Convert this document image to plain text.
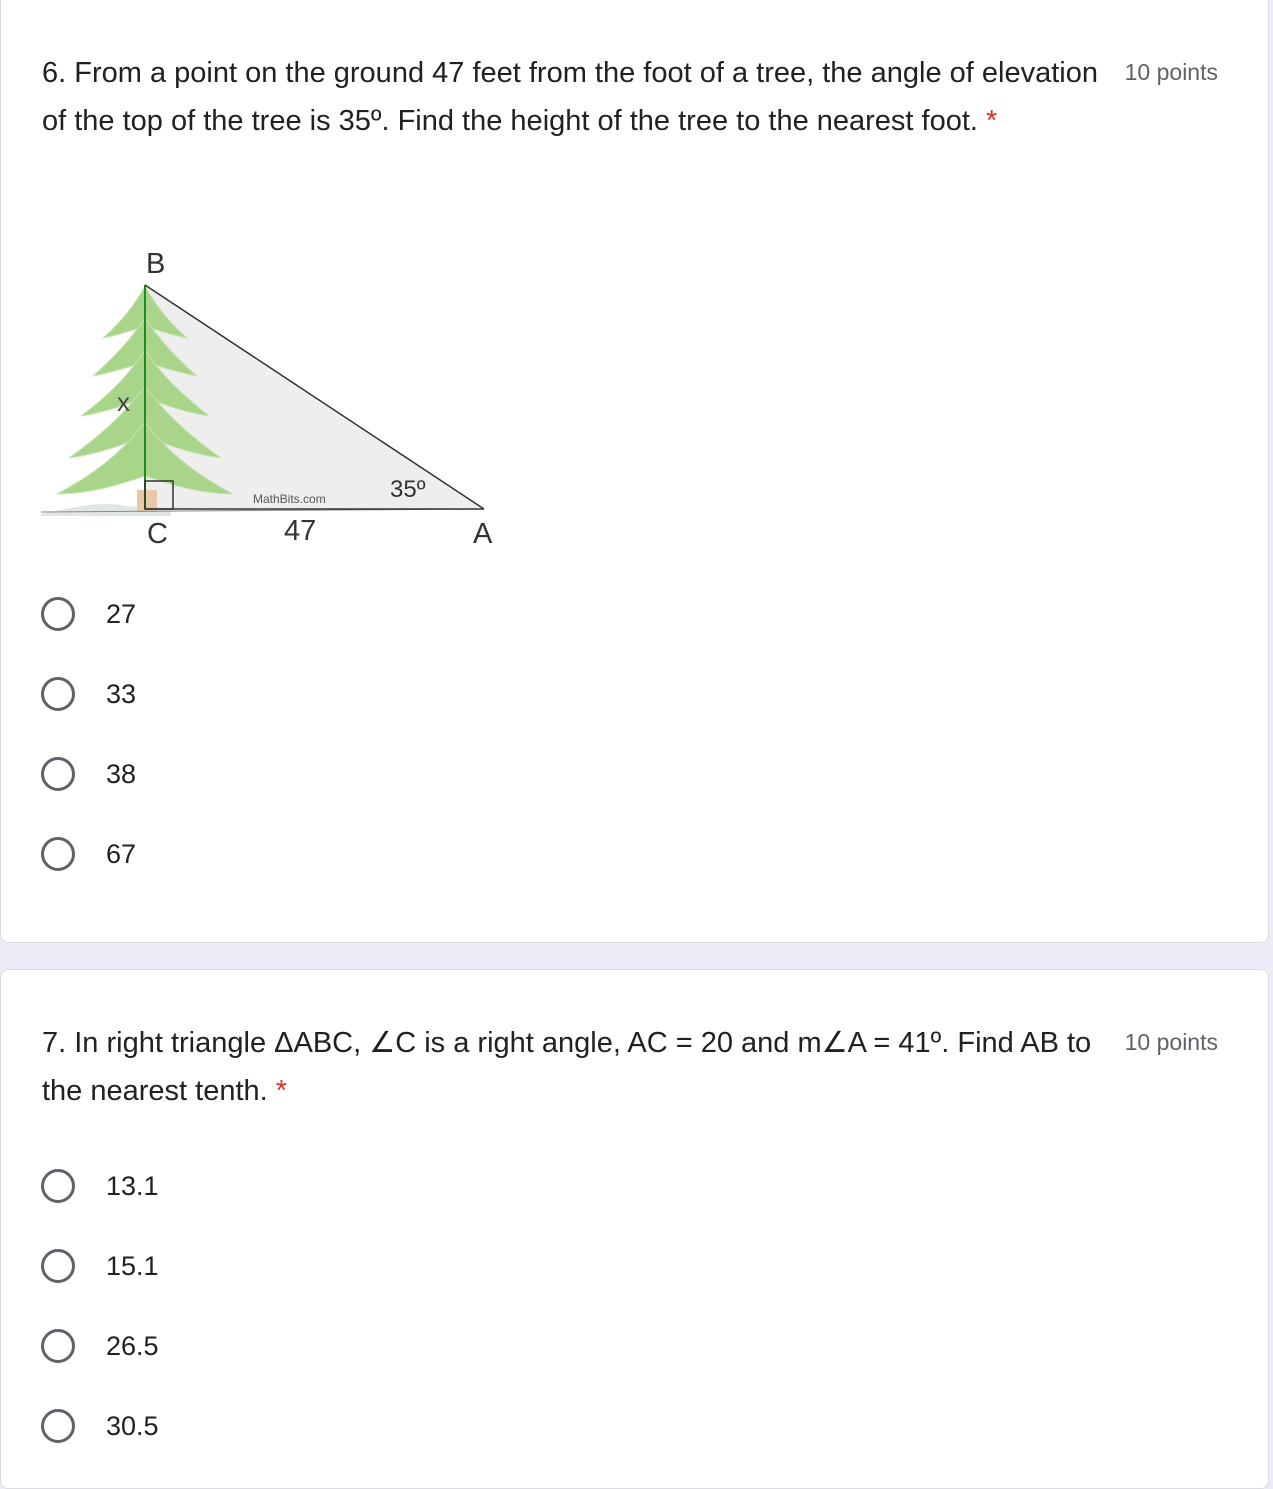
6. From a point on the ground 47 feet from the foot of a tree, the angle of elevation of the top of the tree is 35º. Find the height of the tree to the nearest foot. *

10 points
B
C	A
x
35º
47
MathBits.com
27
33
38
67

7. In right triangle ΔABC, ∠C is a right angle, AC = 20 and m∠A = 41º. Find AB to the nearest tenth. *

10 points
13.1
15.1
26.5
30.5
